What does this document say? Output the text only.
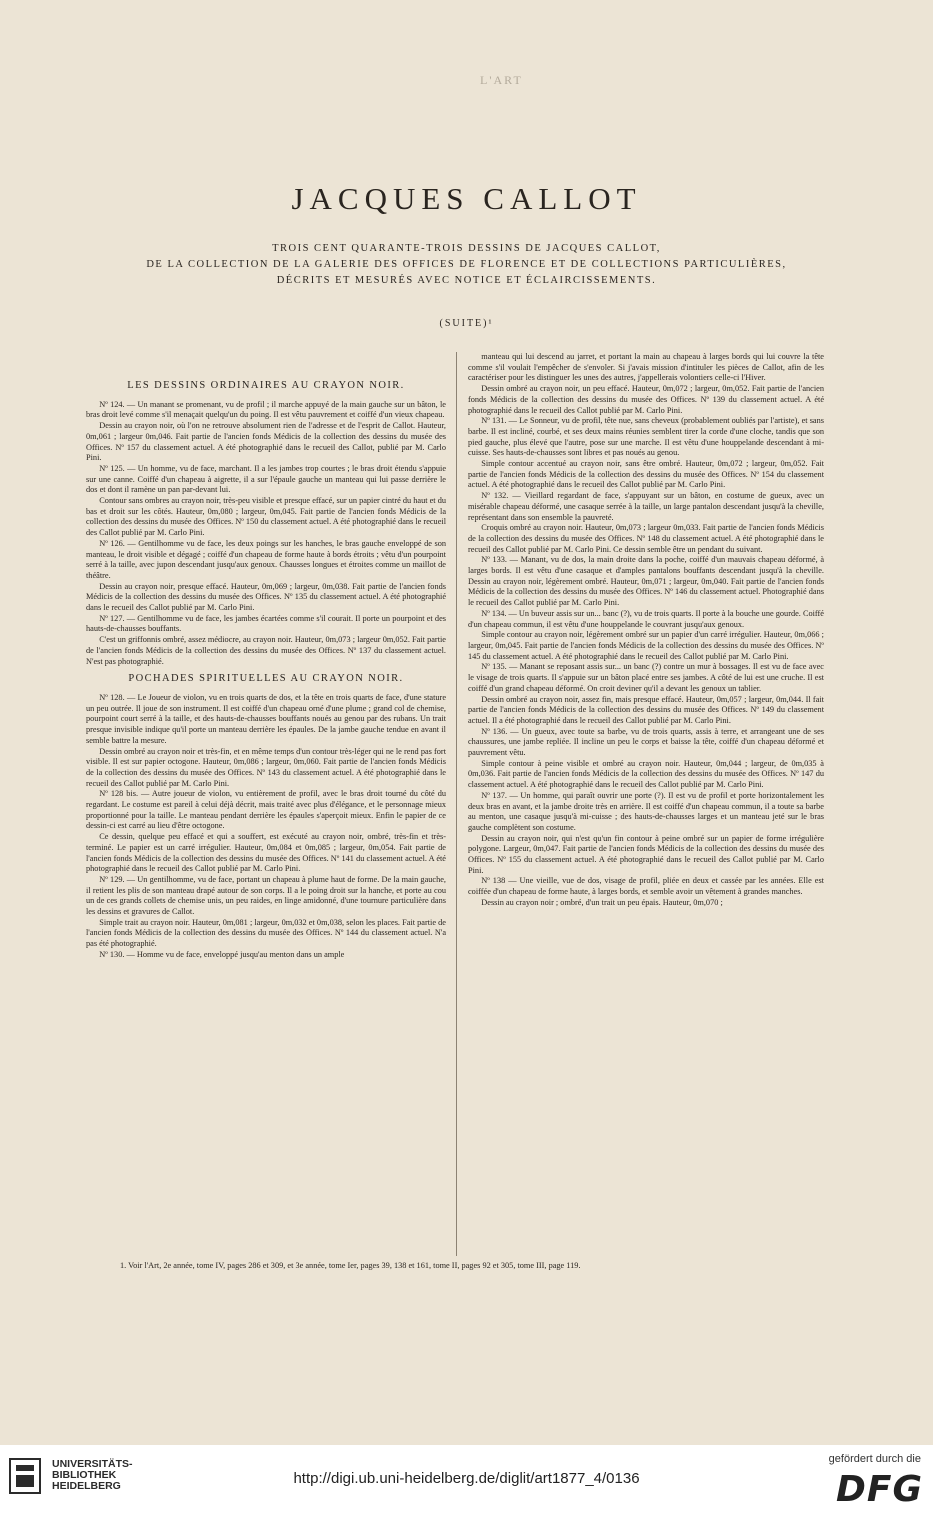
L'ART
JACQUES CALLOT
TROIS CENT QUARANTE-TROIS DESSINS DE JACQUES CALLOT,
DE LA COLLECTION DE LA GALERIE DES OFFICES DE FLORENCE ET DE COLLECTIONS PARTICULIÈRES,
DÉCRITS ET MESURÉS AVEC NOTICE ET ÉCLAIRCISSEMENTS.
(SUITE)¹
LES DESSINS ORDINAIRES AU CRAYON NOIR.

Nº 124. — Un manant se promenant, vu de profil ; il marche appuyé de la main gauche sur un bâton, le bras droit levé comme s'il menaçait quelqu'un du poing. Il est vêtu pauvrement et coiffé d'un vieux chapeau.

Dessin au crayon noir, où l'on ne retrouve absolument rien de l'adresse et de l'esprit de Callot. Hauteur, 0m,061 ; largeur 0m,046. Fait partie de l'ancien fonds Médicis de la collection des dessins du musée des Offices. Nº 157 du classement actuel. A été photographié dans le recueil des Callot, publié par M. Carlo Pini.

Nº 125. — Un homme, vu de face, marchant. Il a les jambes trop courtes ; le bras droit étendu s'appuie sur une canne. Coiffé d'un chapeau à aigrette, il a sur l'épaule gauche un manteau qui lui passe derrière le dos et dont il ramène un pan par-devant lui.

Contour sans ombres au crayon noir, très-peu visible et presque effacé, sur un papier cintré du haut et du bas et droit sur les côtés. Hauteur, 0m,080 ; largeur, 0m,045. Fait partie de l'ancien fonds Médicis de la collection des dessins du musée des Offices. Nº 150 du classement actuel. A été photographié dans le recueil des Callot publié par M. Carlo Pini.

Nº 126. — Gentilhomme vu de face, les deux poings sur les hanches, le bras gauche enveloppé de son manteau, le droit visible et dégagé ; coiffé d'un chapeau de forme haute à bords étroits ; vêtu d'un pourpoint serré à la taille, avec jupon descendant jusqu'aux genoux. Chausses longues et étroites comme un maillot de théâtre.

Dessin au crayon noir, presque effacé. Hauteur, 0m,069 ; largeur, 0m,038. Fait partie de l'ancien fonds Médicis de la collection des dessins du musée des Offices. Nº 135 du classement actuel. A été photographié dans le recueil des Callot publié par M. Carlo Pini.

Nº 127. — Gentilhomme vu de face, les jambes écartées comme s'il courait. Il porte un pourpoint et des hauts-de-chausses bouffants.

C'est un griffonnis ombré, assez médiocre, au crayon noir. Hauteur, 0m,073 ; largeur 0m,052. Fait partie de l'ancien fonds Médicis de la collection des dessins du musée des Offices. Nº 137 du classement actuel. N'est pas photographié.

POCHADES SPIRITUELLES AU CRAYON NOIR.

Nº 128. — Le Joueur de violon, vu en trois quarts de dos, et la tête en trois quarts de face, d'une stature un peu outrée. Il joue de son instrument. Il est coiffé d'un chapeau orné d'une plume ; grand col de chemise, pourpoint court serré à la taille, et des hauts-de-chausses bouffants noués au genou par des rubans. Un trait presque invisible indique qu'il porte un manteau derrière les épaules. De la jambe gauche tendue en avant il semble battre la mesure.

Dessin ombré au crayon noir et très-fin, et en même temps d'un contour très-léger qui ne le rend pas fort visible. Il est sur papier octogone. Hauteur, 0m,086 ; largeur, 0m,060. Fait partie de l'ancien fonds Médicis de la collection des dessins du musée des Offices. Nº 143 du classement actuel. A été photographié dans le recueil des Callot publié par M. Carlo Pini.

Nº 128 bis. — Autre joueur de violon, vu entièrement de profil, avec le bras droit tourné du côté du regardant. Le costume est pareil à celui déjà décrit, mais traité avec plus d'élégance, et le personnage mieux proportionné pour la taille. Le manteau pendant derrière les épaules s'aperçoit mieux. Enfin le papier de ce dessin-ci est carré au lieu d'être octogone.

Ce dessin, quelque peu effacé et qui a souffert, est exécuté au crayon noir, ombré, très-fin et très-terminé. Le papier est un carré irrégulier. Hauteur, 0m,084 et 0m,085 ; largeur, 0m,054. Fait partie de l'ancien fonds Médicis de la collection des dessins du musée des Offices. Nº 141 du classement actuel. A été photographié dans le recueil des Callot publié par M. Carlo Pini.

Nº 129. — Un gentilhomme, vu de face, portant un chapeau à plume haut de forme. De la main gauche, il retient les plis de son manteau drapé autour de son corps. Il a le poing droit sur la hanche, et porte au cou un de ces grands collets de chemise unis, un peu raides, en linge amidonné, d'une tournure particulière dans les dessins et gravures de Callot.

Simple trait au crayon noir. Hauteur, 0m,081 ; largeur, 0m,032 et 0m,038, selon les places. Fait partie de l'ancien fonds Médicis de la collection des dessins du musée des Offices. Nº 144 du classement actuel. N'a pas été photographié.

Nº 130. — Homme vu de face, enveloppé jusqu'au menton dans un ample

manteau qui lui descend au jarret, et portant la main au chapeau à larges bords qui lui couvre la tête comme s'il voulait l'empêcher de s'envoler. Si j'avais mission d'intituler les pièces de Callot, afin de les caractériser pour les distinguer les unes des autres, j'appellerais volontiers celle-ci l'Hiver.

Dessin ombré au crayon noir, un peu effacé. Hauteur, 0m,072 ; largeur, 0m,052. Fait partie de l'ancien fonds Médicis de la collection des dessins du musée des Offices. Nº 139 du classement actuel. A été photographié dans le recueil des Callot publié par M. Carlo Pini.

Nº 131. — Le Sonneur, vu de profil, tête nue, sans cheveux (probablement oubliés par l'artiste), et sans barbe. Il est incliné, courbé, et ses deux mains réunies semblent tirer la corde d'une cloche, tandis que son pied gauche, plus élevé que l'autre, pose sur une marche. Il est vêtu d'une houppelande descendant à mi-cuisse. Ses hauts-de-chausses sont libres et pas noués au genou.

Simple contour accentué au crayon noir, sans être ombré. Hauteur, 0m,072 ; largeur, 0m,052. Fait partie de l'ancien fonds Médicis de la collection des dessins du musée des Offices. Nº 154 du classement actuel. A été photographié dans le recueil des Callot publié par M. Carlo Pini.

Nº 132. — Vieillard regardant de face, s'appuyant sur un bâton, en costume de gueux, avec un misérable chapeau déformé, une casaque serrée à la taille, un large pantalon descendant jusqu'à la cheville, représentant dans son ensemble la pauvreté.

Croquis ombré au crayon noir. Hauteur, 0m,073 ; largeur 0m,033. Fait partie de l'ancien fonds Médicis de la collection des dessins du musée des Offices. Nº 148 du classement actuel. A été photographié dans le recueil des Callot publié par M. Carlo Pini. Ce dessin semble être un pendant du suivant.

Nº 133. — Manant, vu de dos, la main droite dans la poche, coiffé d'un mauvais chapeau déformé, à larges bords. Il est vêtu d'une casaque et d'amples pantalons bouffants descendant jusqu'à la cheville. Dessin au crayon noir, légèrement ombré. Hauteur, 0m,071 ; largeur, 0m,040. Fait partie de l'ancien fonds Médicis de la collection des dessins du musée des Offices. Nº 146 du classement actuel. Photographié dans le recueil des Callot publié par M. Carlo Pini.

Nº 134. — Un buveur assis sur un... banc (?), vu de trois quarts. Il porte à la bouche une gourde. Coiffé d'un chapeau commun, il est vêtu d'une houppelande le couvrant jusqu'aux genoux.

Simple contour au crayon noir, légèrement ombré sur un papier d'un carré irrégulier. Hauteur, 0m,066 ; largeur, 0m,045. Fait partie de l'ancien fonds Médicis de la collection des dessins du musée des Offices. Nº 145 du classement actuel. A été photographié dans le recueil des Callot publié par M. Carlo Pini.

Nº 135. — Manant se reposant assis sur... un banc (?) contre un mur à bossages. Il est vu de face avec le visage de trois quarts. Il s'appuie sur un bâton placé entre ses jambes. A côté de lui est une cruche. Il est coiffé d'un grand chapeau déformé. On croit deviner qu'il a devant les genoux un tablier.

Dessin ombré au crayon noir, assez fin, mais presque effacé. Hauteur, 0m,057 ; largeur, 0m,044. Il fait partie de l'ancien fonds Médicis de la collection des dessins du musée des Offices. Nº 149 du classement actuel. Il a été photographié dans le recueil des Callot publié par M. Carlo Pini.

Nº 136. — Un gueux, avec toute sa barbe, vu de trois quarts, assis à terre, et arrangeant une de ses chaussures, une jambe repliée. Il incline un peu le corps et baisse la tête, coiffé d'un chapeau déformé et pauvrement vêtu.

Simple contour à peine visible et ombré au crayon noir. Hauteur, 0m,044 ; largeur, de 0m,035 à 0m,036. Fait partie de l'ancien fonds Médicis de la collection des dessins du musée des Offices. Nº 147 du classement actuel. A été photographié dans le recueil des Callot publié par M. Carlo Pini.

Nº 137. — Un homme, qui paraît ouvrir une porte (?). Il est vu de profil et porte horizontalement les deux bras en avant, et la jambe droite très en arrière. Il est coiffé d'un chapeau commun, il a toute sa barbe au menton, une casaque jusqu'à mi-cuisse ; des hauts-de-chausses larges et un manteau jeté sur le bras gauche complètent son costume.

Dessin au crayon noir, qui n'est qu'un fin contour à peine ombré sur un papier de forme irrégulière polygone. Largeur, 0m,047. Fait partie de l'ancien fonds Médicis de la collection des dessins du musée des Offices. Nº 155 du classement actuel. A été photographié dans le recueil des Callot publié par M. Carlo Pini.

Nº 138 — Une vieille, vue de dos, visage de profil, pliée en deux et cassée par les années. Elle est coiffée d'un chapeau de forme haute, à larges bords, et semble avoir un vêtement à grandes manches.

Dessin au crayon noir ; ombré, d'un trait un peu épais. Hauteur, 0m,070 ;

1. Voir l'Art, 2e année, tome IV, pages 286 et 309, et 3e année, tome Ier, pages 39, 138 et 161, tome II, pages 92 et 305, tome III, page 119.
UNIVERSITÄTS-
BIBLIOTHEK
HEIDELBERG	http://digi.ub.uni-heidelberg.de/diglit/art1877_4/0136
gefördert durch die
DFG
